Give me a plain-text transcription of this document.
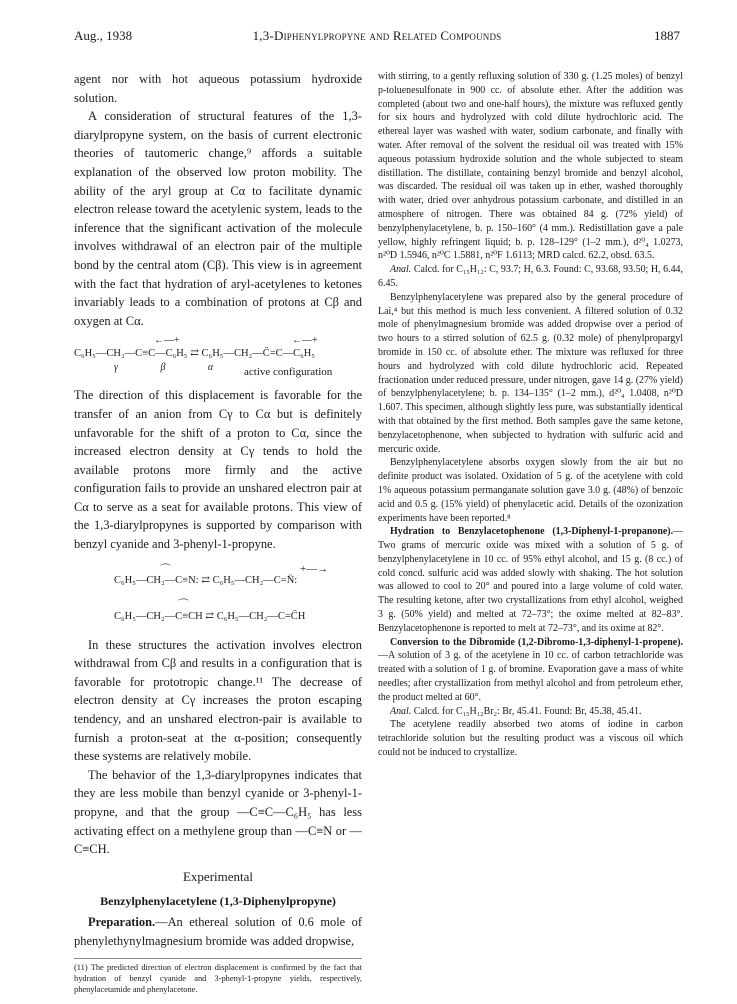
Aug., 1938	1,3-Diphenylpropyne and Related Compounds	1887

agent nor with hot aqueous potassium hydroxide solution.

A consideration of structural features of the 1,3-diarylpropyne system, on the basis of current electronic theories of tautomeric change,⁹ affords a suitable explanation of the observed low proton mobility. The ability of the aryl group at Cα to facilitate dynamic electron release toward the acetylenic system, leads to the inference that the significant activation of the molecule involves withdrawal of an electron pair of the multiple bond by the central atom (Cβ). This view is in agreement with the fact that hydration of aryl-acetylenes to ketones invariably leads to a combination of protons at Cβ and oxygen at Cα.

←—+	←—+
C₆H₅—CH₂—C≡C—C₆H₅ ⇄ C₆H₅—CH₂—C̈=C—C₆H₅
γ β α active configuration

The direction of this displacement is favorable for the transfer of an anion from Cγ to Cα but is definitely unfavorable for the shift of a proton to Cα, since the increased electron density at Cγ tends to hold the available protons more firmly and the active configuration fails to provide an unshared electron pair at Cα to serve as a seat for available protons. This view of the 1,3-diarylpropynes is supported by comparison with benzyl cyanide and 3-phenyl-1-propyne.

⌒	+—→
C₆H₅—CH₂—C≡N: ⇄ C₆H₅—CH₂—C=N̈:
⌒
C₆H₅—CH₂—C≡CH ⇄ C₆H₅—CH₂—C=C̈H

In these structures the activation involves electron withdrawal from Cβ and results in a configuration that is favorable for prototropic change.¹¹ The decrease of electron density at Cγ increases the proton escaping tendency, and an unshared electron-pair is available to furnish a proton-seat at the α-position; consequently these systems are relatively mobile.

The behavior of the 1,3-diarylpropynes indicates that they are less mobile than benzyl cyanide or 3-phenyl-1-propyne, and that the group —C≡C—C₆H₅ has less activating effect on a methylene group than —C≡N or —C≡CH.

Experimental
Benzylphenylacetylene (1,3-Diphenylpropyne)

Preparation.—An ethereal solution of 0.6 mole of phenylethynylmagnesium bromide was added dropwise,

(11) The predicted direction of electron displacement is confirmed by the fact that hydration of benzyl cyanide and 3-phenyl-1-propyne yields, respectively, phenylacetamide and phenylacetone.

with stirring, to a gently refluxing solution of 330 g. (1.25 moles) of benzyl p-toluenesulfonate in 900 cc. of absolute ether. After the addition was completed (about two and one-half hours), the mixture was refluxed gently for six hours and hydrolyzed with cold dilute hydrochloric acid. The ethereal layer was washed with water, sodium carbonate, and finally with water. After removal of the solvent the residual oil was treated with 15% aqueous potassium hydroxide solution and the whole subjected to steam distillation. The distillate, containing benzyl bromide and benzyl alcohol, was discarded. The residual oil was taken up in ether, washed thoroughly with water, dried over anhydrous potassium carbonate, and distilled in an atmosphere of nitrogen. There was obtained 84 g. (72% yield) of benzylphenylacetylene, b. p. 150–160° (4 mm.). Redistillation gave a pale yellow, highly refringent liquid; b. p. 128–129° (1–2 mm.), d²⁰₄ 1.0273, n²⁰D 1.5946, n²⁰C 1.5881, n²⁰F 1.6113; MRD calcd. 62.2, obsd. 63.5.

Anal. Calcd. for C₁₅H₁₂: C, 93.7; H, 6.3. Found: C, 93.68, 93.50; H, 6.44, 6.45.

Benzylphenylacetylene was prepared also by the general procedure of Lai,⁴ but this method is much less convenient. A filtered solution of 0.32 mole of phenylmagnesium bromide was added dropwise over a period of two hours to a stirred solution of 62.5 g. (0.32 mole) of phenylpropargyl bromide in 150 cc. of absolute ether. The mixture was refluxed for three hours and hydrolyzed with cold dilute hydrochloric acid. Repeated fractionation under reduced pressure, under nitrogen, gave 14 g. (27% yield) of benzylphenylacetylene; b. p. 134–135° (1–2 mm.), d²⁰₄ 1.0408, n²⁰D 1.607. This specimen, although slightly less pure, was substantially identical with that obtained by the first method. Both samples gave the same ketone, benzylacetophenone, when subjected to hydration with sulfuric acid and mercuric oxide.

Benzylphenylacetylene absorbs oxygen slowly from the air but no definite product was isolated. Oxidation of 5 g. of the acetylene with cold 1% aqueous potassium permanganate solution gave 3.0 g. (48%) of benzoic acid and 0.5 g. (15% yield) of phenylacetic acid. Details of the ozonization experiments have been reported.⁸

Hydration to Benzylacetophenone (1,3-Diphenyl-1-propanone).—Two grams of mercuric oxide was mixed with a solution of 5 g. of benzylphenylacetylene in 10 cc. of 95% ethyl alcohol, and 15 g. (8 cc.) of cold concd. sulfuric acid was added slowly with shaking. The hot solution was allowed to cool to 20° and poured into a large volume of cold water. The resulting ketone, after two crystallizations from ethyl alcohol, weighed 3 g. (50% yield) and melted at 72–73°; the oxime melted at 82–83°. Benzylacetophenone is reported to melt at 72–73°, and its oxime at 82°.

Conversion to the Dibromide (1,2-Dibromo-1,3-diphenyl-1-propene).—A solution of 3 g. of the acetylene in 10 cc. of carbon tetrachloride was treated with a solution of 1 g. of bromine. Evaporation gave a mass of white needles; after crystallization from methyl alcohol and from petroleum ether, the product melted at 60°.

Anal. Calcd. for C₁₅H₁₂Br₂: Br, 45.41. Found: Br, 45.38, 45.41.

The acetylene readily absorbed two atoms of iodine in carbon tetrachloride solution but the resulting product was a viscous oil which could not be induced to crystallize.
